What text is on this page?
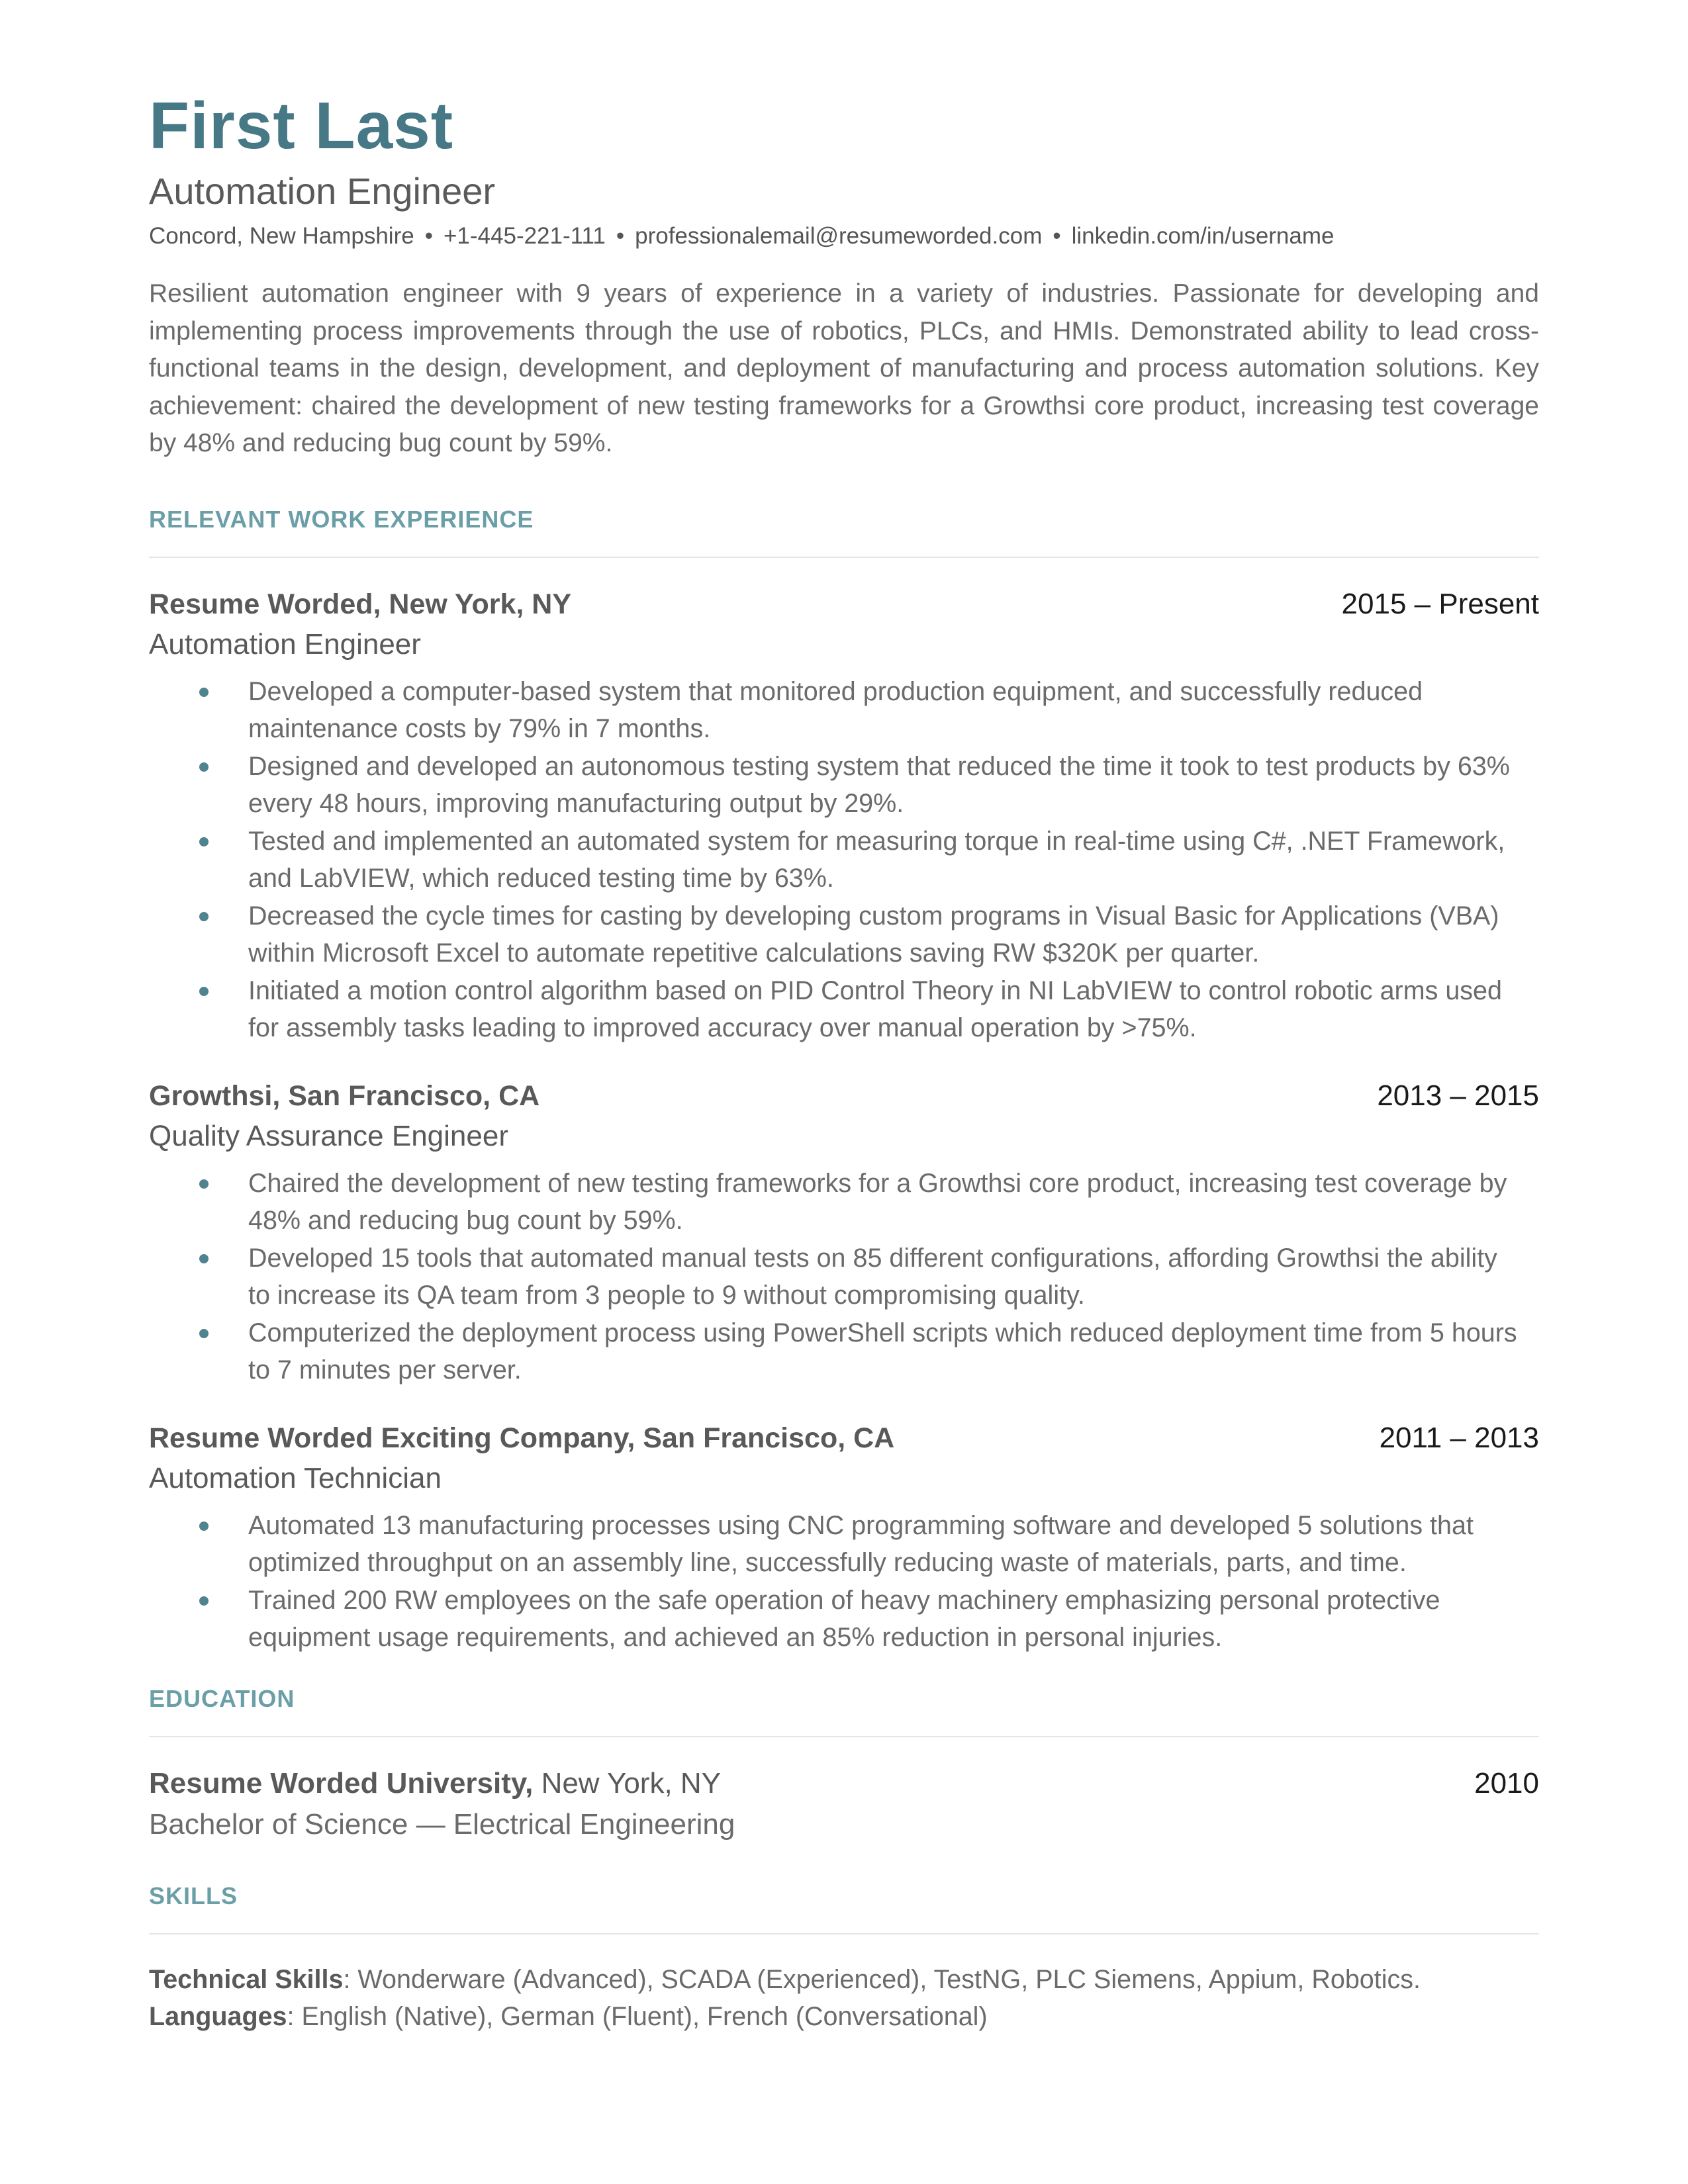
First Last
Automation Engineer
Concord, New Hampshire • +1-445-221-111 • professionalemail@resumeworded.com • linkedin.com/in/username
Resilient automation engineer with 9 years of experience in a variety of industries. Passionate for developing and implementing process improvements through the use of robotics, PLCs, and HMIs. Demonstrated ability to lead cross-functional teams in the design, development, and deployment of manufacturing and process automation solutions. Key achievement: chaired the development of new testing frameworks for a Growthsi core product, increasing test coverage by 48% and reducing bug count by 59%.
RELEVANT WORK EXPERIENCE
Resume Worded, New York, NY	2015 – Present
Automation Engineer
Developed a computer-based system that monitored production equipment, and successfully reduced maintenance costs by 79% in 7 months.
Designed and developed an autonomous testing system that reduced the time it took to test products by 63% every 48 hours, improving manufacturing output by 29%.
Tested and implemented an automated system for measuring torque in real-time using C#, .NET Framework, and LabVIEW, which reduced testing time by 63%.
Decreased the cycle times for casting by developing custom programs in Visual Basic for Applications (VBA) within Microsoft Excel to automate repetitive calculations saving RW $320K per quarter.
Initiated a motion control algorithm based on PID Control Theory in NI LabVIEW to control robotic arms used for assembly tasks leading to improved accuracy over manual operation by >75%.
Growthsi, San Francisco, CA	2013 – 2015
Quality Assurance Engineer
Chaired the development of new testing frameworks for a Growthsi core product, increasing test coverage by 48% and reducing bug count by 59%.
Developed 15 tools that automated manual tests on 85 different configurations, affording Growthsi the ability to increase its QA team from 3 people to 9 without compromising quality.
Computerized the deployment process using PowerShell scripts which reduced deployment time from 5 hours to 7 minutes per server.
Resume Worded Exciting Company, San Francisco, CA	2011 – 2013
Automation Technician
Automated 13 manufacturing processes using CNC programming software and developed 5 solutions that optimized throughput on an assembly line, successfully reducing waste of materials, parts, and time.
Trained 200 RW employees on the safe operation of heavy machinery emphasizing personal protective equipment usage requirements, and achieved an 85% reduction in personal injuries.
EDUCATION
Resume Worded University, New York, NY	2010
Bachelor of Science — Electrical Engineering
SKILLS
Technical Skills: Wonderware (Advanced), SCADA (Experienced), TestNG, PLC Siemens, Appium, Robotics.
Languages: English (Native), German (Fluent), French (Conversational)
